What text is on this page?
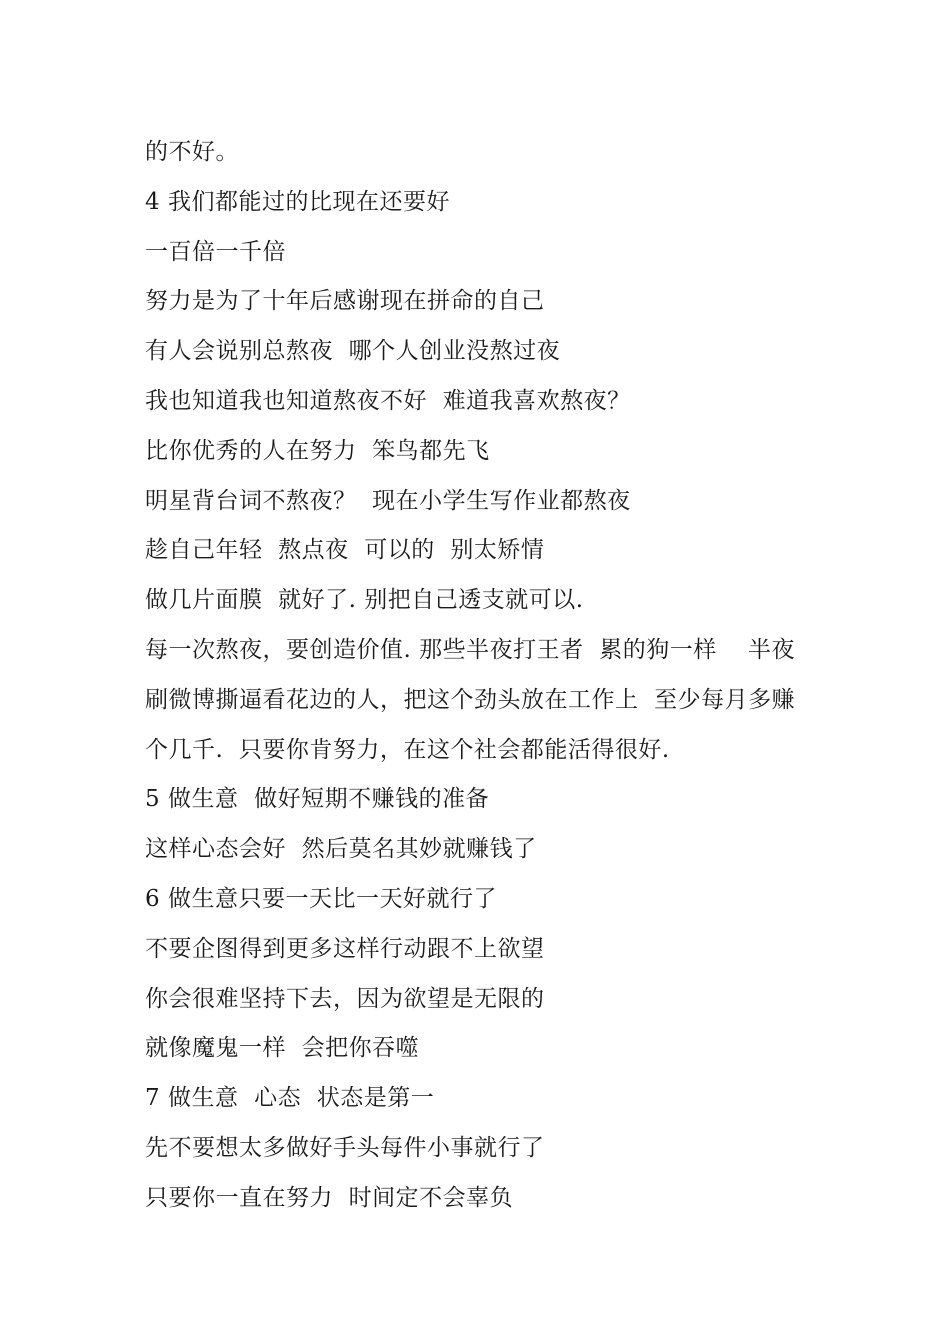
的不好。
4 我们都能过的比现在还要好
一百倍一千倍
努力是为了十年后感谢现在拼命的自己
有人会说别总熬夜  哪个人创业没熬过夜
我也知道我也知道熬夜不好  难道我喜欢熬夜？
比你优秀的人在努力  笨鸟都先飞
明星背台词不熬夜？  现在小学生写作业都熬夜
趁自己年轻  熬点夜  可以的  别太矫情
做几片面膜  就好了. 别把自己透支就可以.
每一次熬夜，要创造价值. 那些半夜打王者  累的狗一样    半夜
刷微博撕逼看花边的人，把这个劲头放在工作上  至少每月多赚
个几千.  只要你肯努力，在这个社会都能活得很好.
5 做生意  做好短期不赚钱的准备
这样心态会好  然后莫名其妙就赚钱了
6 做生意只要一天比一天好就行了
不要企图得到更多这样行动跟不上欲望
你会很难坚持下去，因为欲望是无限的
就像魔鬼一样  会把你吞噬
7 做生意  心态  状态是第一
先不要想太多做好手头每件小事就行了
只要你一直在努力  时间定不会辜负
